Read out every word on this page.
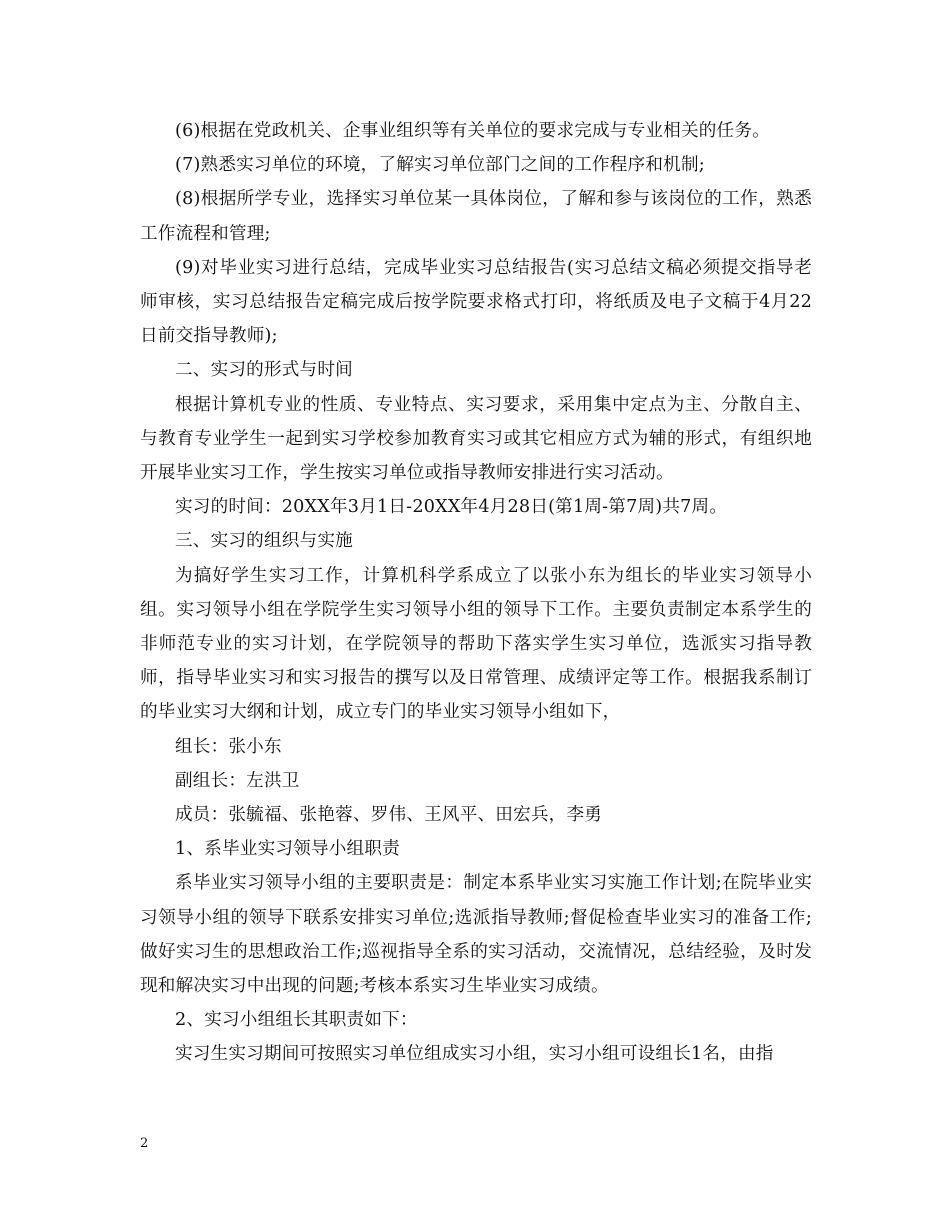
(6)根据在党政机关、企事业组织等有关单位的要求完成与专业相关的任务。

(7)熟悉实习单位的环境，了解实习单位部门之间的工作程序和机制;

(8)根据所学专业，选择实习单位某一具体岗位，了解和参与该岗位的工作，熟悉工作流程和管理;

(9)对毕业实习进行总结，完成毕业实习总结报告(实习总结文稿必须提交指导老师审核，实习总结报告定稿完成后按学院要求格式打印，将纸质及电子文稿于4月22日前交指导教师);

二、实习的形式与时间

根据计算机专业的性质、专业特点、实习要求，采用集中定点为主、分散自主、与教育专业学生一起到实习学校参加教育实习或其它相应方式为辅的形式，有组织地开展毕业实习工作，学生按实习单位或指导教师安排进行实习活动。

实习的时间：20XX年3月1日-20XX年4月28日(第1周-第7周)共7周。

三、实习的组织与实施

为搞好学生实习工作，计算机科学系成立了以张小东为组长的毕业实习领导小组。实习领导小组在学院学生实习领导小组的领导下工作。主要负责制定本系学生的非师范专业的实习计划，在学院领导的帮助下落实学生实习单位，选派实习指导教师，指导毕业实习和实习报告的撰写以及日常管理、成绩评定等工作。根据我系制订的毕业实习大纲和计划，成立专门的毕业实习领导小组如下，

组长：张小东

副组长：左洪卫

成员：张毓福、张艳蓉、罗伟、王风平、田宏兵，李勇

1、系毕业实习领导小组职责

系毕业实习领导小组的主要职责是：制定本系毕业实习实施工作计划;在院毕业实习领导小组的领导下联系安排实习单位;选派指导教师;督促检查毕业实习的准备工作;做好实习生的思想政治工作;巡视指导全系的实习活动，交流情况，总结经验，及时发现和解决实习中出现的问题;考核本系实习生毕业实习成绩。

2、实习小组组长其职责如下：

实习生实习期间可按照实习单位组成实习小组，实习小组可设组长1名，由指

2
